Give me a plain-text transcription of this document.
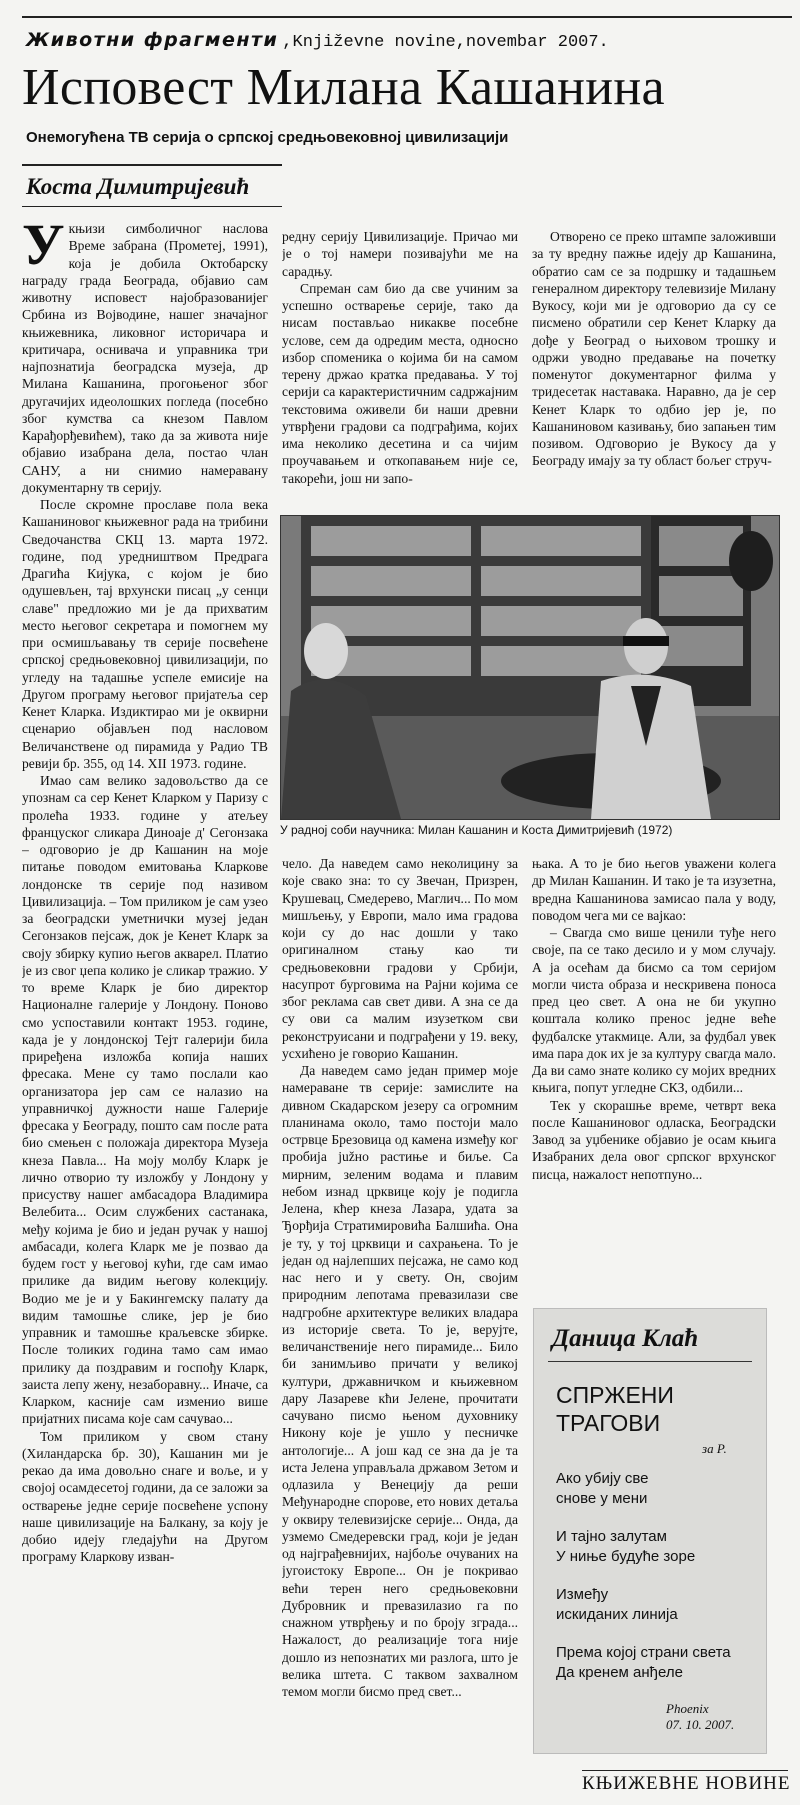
Животни фрагменти ,Književne novine,novembar 2007.
Исповест Милана Кашанина
Онемогућена ТВ серија о српској средњовековној цивилизацији
Коста Димитријевић

Укњизи симболичног наслова Време забрана (Прометеј, 1991), која је добила Октобарску награду града Београда, објавио сам животну исповест најобразованијег Србина из Војводине, нашег значајног књижевника, ликовног историчара и критичара, оснивача и управника три најпознатија београдска музеја, др Милана Кашанина, прогоњеног због другачијих идеолошких погледа (посебно због кумства са кнезом Павлом Карађорђевићем), тако да за живота није објавио изабрана дела, постао члан САНУ, а ни снимио намеравану документарну тв серију.

После скромне прославе пола века Кашаниновог књижевног рада на трибини Сведочанства СКЦ 13. марта 1972. године, под уредништвом Предрага Драгића Кијука, с којом је био одушевљен, тај врхунски писац „у сенци славе" предложио ми је да прихватим место његовог секретара и помогнем му при осмишљавању тв серије посвећене српској средњовековној цивилизацији, по угледу на тадашње успеле емисије на Другом програму његовог пријатеља сер Кенет Кларка. Издиктирао ми је оквирни сценарио објављен под насловом Величанствене од пирамида у Радио ТВ ревији бр. 355, од 14. XII 1973. године.

Имао сам велико задовољство да се упознам са сер Кенет Кларком у Паризу с пролећа 1933. године у атељеу француског сликара Диноаје д' Сегонзака – одговорио је др Кашанин на моје питање поводом емитовања Кларкове лондонске тв серије под називом Цивилизација. – Том приликом је сам узео за београдски уметнички музеј један Сегонзаков пејсаж, док је Кенет Кларк за своју збирку купио његов акварел. Платио је из свог џепа колико је сликар тражио. У то време Кларк је био директор Националне галерије у Лондону. Поново смо успоставили контакт 1953. године, када је у лондонској Тејт галерији била приређена изложба копија наших фресака. Мене су тамо послали као организатора јер сам се налазио на управничкој дужности наше Галерије фресака у Београду, пошто сам после рата био смењен с положаја директора Музеја кнеза Павла... На моју молбу Кларк је лично отворио ту изложбу у Лондону у присуству нашег амбасадора Владимира Велебита... Осим службених састанака, међу којима је био и један ручак у нашој амбасади, колега Кларк ме је позвао да будем гост у његовој кући, где сам имао прилике да видим његову колекцију. Водио ме је и у Бакингемску палату да видим тамошње слике, јер је био управник и тамошње краљевске збирке. После толиких година тамо сам имао прилику да поздравим и госпођу Кларк, заиста лепу жену, незаборавну... Иначе, са Кларком, касније сам изменио више пријатних писама које сам сачувао...

Том приликом у свом стану (Хиландарска бр. 30), Кашанин ми је рекао да има довољно снаге и воље, и у својој осамдесетој години, да се заложи за остварење једне серије посвећене успону наше цивилизације на Балкану, за коју је добио идеју гледајући на Другом програму Кларкову изван-

редну серију Цивилизације. Причао ми је о тој намери позивајући ме на сарадњу.

Спреман сам био да све учиним за успешно остварење серије, тако да нисам постављао никакве посебне услове, сем да одредим места, односно избор споменика о којима би на самом терену држао кратка предавања. У тој серији са карактеристичним садржајним текстовима оживели би наши древни утврђени градови са подграђима, којих има неколико десетина и са чијим проучавањем и откопавањем није се, такорећи, још ни запо-

Отворено се преко штампе заложивши за ту вредну пажње идеју др Кашанина, обратио сам се за подршку и тадашњем генералном директору телевизије Милану Вукосу, који ми је одговорио да су се писмено обратили сер Кенет Кларку да дође у Београд о њиховом трошку и одржи уводно предавање на почетку поменутог документарног филма у тридесетак наставака. Наравно, да је сер Кенет Кларк то одбио јер је, по Кашаниновом казивању, био запањен тим позивом. Одговорио је Вукосу да у Београду имају за ту област бољег струч-

У радној соби научника: Милан Кашанин и Коста Димитријевић (1972)

чело. Да наведем само неколицину за које свако зна: то су Звечан, Призрен, Крушевац, Смедерево, Маглич... По мом мишљењу, у Европи, мало има градова који су до нас дошли у тако оригиналном стању као ти средњовековни градови у Србији, насупрот бурговима на Рајни којима се због реклама сав свет диви. А зна се да су ови са малим изузетком сви реконструисани и подграђени у 19. веку, усхићено је говорио Кашанин.

Да наведем само један пример моје намераване тв серије: замислите на дивном Скадарском језеру са огромним планинама около, тамо постоји мало острвце Брезовица од камена између ког пробија južно растиње и биље. Са мирним, зеленим водама и плавим небом изнад црквице коју је подигла Јелена, кћер кнеза Лазара, удата за Ђорђија Стратимировића Балшића. Она је ту, у тој црквици и сахрањена. То је један од најлепших пејсажа, не само код нас него и у свету. Он, својим природним лепотама превазилази све надгробне архитектуре великих владара из историје света. То је, верујте, величанственије него пирамиде... Било би занимљиво причати у великој култури, државничком и књижевном дару Лазареве кћи Јелене, прочитати сачувано писмо њеном духовнику Никону које је ушло у песничке антологије... А још кад се зна да је та иста Јелена управљала државом Зетом и одлазила у Венецију да реши Међународне спорове, ето нових детаља у оквиру телевизијске серије... Онда, да узмемо Смедеревски град, који је један од најграђевнијих, најбоље очуваних на југоистоку Европе... Он је покривао већи терен него средњовековни Дубровник и превазилазио га по снажном утврђењу и по броју зграда... Нажалост, до реализације тога није дошло из непознатих ми разлога, што је велика штета. С таквом захвалном темом могли бисмо пред свет...

њака. А то је био његов уважени колега др Милан Кашанин. И тако је та изузетна, вредна Кашанинова замисао пала у воду, поводом чега ми се вајкао:

– Свагда смо више ценили туђе него своје, па се тако десило и у мом случају. А ја осећам да бисмо са том серијом могли чиста образа и нескривена поноса пред цео свет. А она не би укупно коштала колико пренос једне веће фудбалске утакмице. Али, за фудбал увек има пара док их је за културу свагда мало. Да ви само знате колико су мојих вредних књига, попут угледне СКЗ, одбили...

Тек у скорашње време, четврт века после Кашаниновог одласка, Београдски Завод за уџбенике објавио је осам књига Изабраних дела овог српског врхунског писца, нажалост непотпуно...

Даница Клаћ
СПРЖЕНИ
ТРАГОВИ
за Р.
Ако убију све
снове у мени
И тајно залутам
У ниње будуће зоре
Између
искиданих линија
Према којој страни света
Да кренем анђеле
Phoenix
07. 10. 2007.
КЊИЖЕВНЕ НОВИНЕ
